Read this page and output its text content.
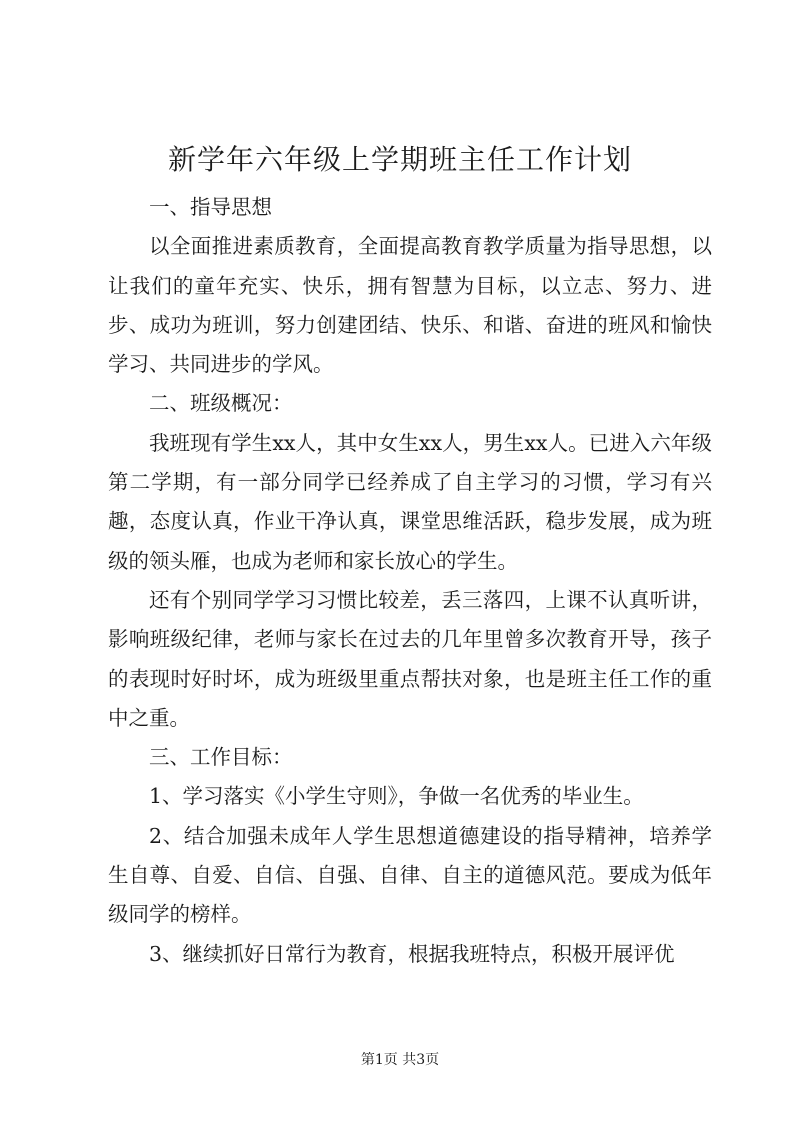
新学年六年级上学期班主任工作计划

一、指导思想

以全面推进素质教育，全面提高教育教学质量为指导思想，以让我们的童年充实、快乐，拥有智慧为目标，以立志、努力、进步、成功为班训，努力创建团结、快乐、和谐、奋进的班风和愉快学习、共同进步的学风。

二、班级概况：

我班现有学生xx人，其中女生xx人，男生xx人。已进入六年级第二学期，有一部分同学已经养成了自主学习的习惯，学习有兴趣，态度认真，作业干净认真，课堂思维活跃，稳步发展，成为班级的领头雁，也成为老师和家长放心的学生。

还有个别同学学习习惯比较差，丢三落四，上课不认真听讲，影响班级纪律，老师与家长在过去的几年里曾多次教育开导，孩子的表现时好时坏，成为班级里重点帮扶对象，也是班主任工作的重中之重。

三、工作目标：

1、学习落实《小学生守则》，争做一名优秀的毕业生。

2、结合加强未成年人学生思想道德建设的指导精神，培养学生自尊、自爱、自信、自强、自律、自主的道德风范。要成为低年级同学的榜样。

3、继续抓好日常行为教育，根据我班特点，积极开展评优

第1页 共3页
